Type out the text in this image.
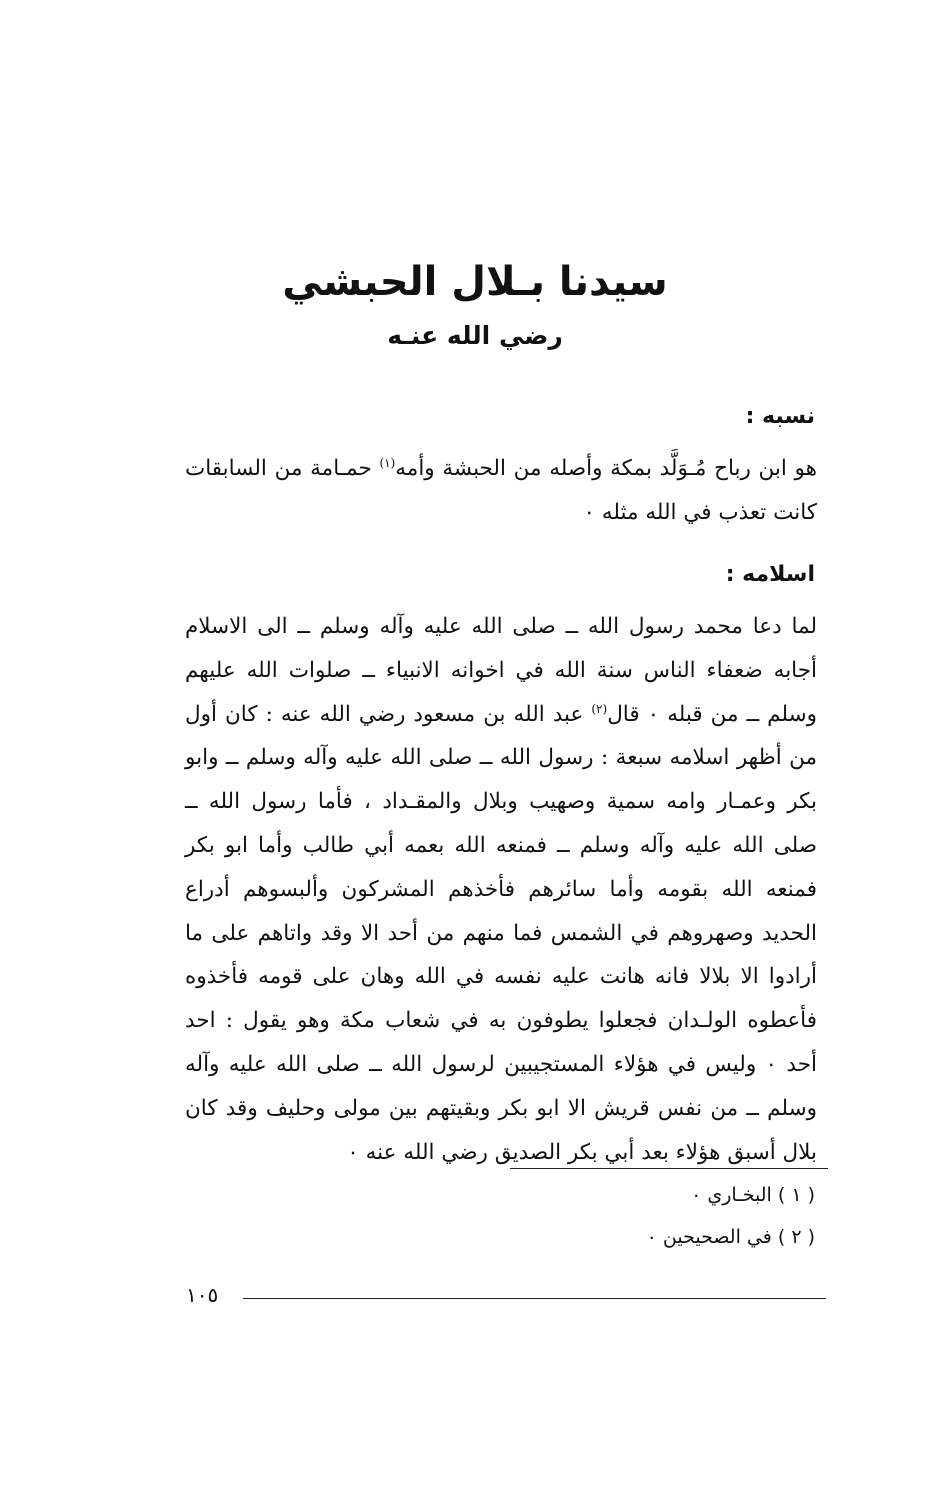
سيدنا بـلال الحبشي
رضي الله عنـه
نسبه :
هو ابن رباح مُـوَلَّد بمكة وأصله من الحبشة وأمه$^{(١)}$ حمـامة من السابقات كانت تعذب في الله مثله ٠
اسلامه :
لما دعا محمد رسول الله ــ صلى الله عليه وآله وسلم ــ الى الاسلام أجابه ضعفاء الناس سنة الله في اخوانه الانبياء ــ صلوات الله عليهم وسلم ــ من قبله ٠ قال$^{(٢)}$ عبد الله بن مسعود رضي الله عنه : كان أول من أظهر اسلامه سبعة : رسول الله ــ صلى الله عليه وآله وسلم ــ وابو بكر وعمـار وامه سمية وصهيب وبلال والمقـداد ، فأما رسول الله ــ صلى الله عليه وآله وسلم ــ فمنعه الله بعمه أبي طالب وأما ابو بكر فمنعه الله بقومه وأما سائرهم فأخذهم المشركون وألبسوهم أدراع الحديد وصهروهم في الشمس فما منهم من أحد الا وقد واتاهم على ما أرادوا الا بلالا فانه هانت عليه نفسه في الله وهان على قومه فأخذوه فأعطوه الولـدان فجعلوا يطوفون به في شعاب مكة وهو يقول : احد أحد ٠ وليس في هؤلاء المستجيبين لرسول الله ــ صلى الله عليه وآله وسلم ــ من نفس قريش الا ابو بكر وبقيتهم بين مولى وحليف وقد كان بلال أسبق هؤلاء بعد أبي بكر الصديق رضي الله عنه ٠
( ١ ) البخـاري ٠
( ٢ ) في الصحيحين ٠
١٠٥
